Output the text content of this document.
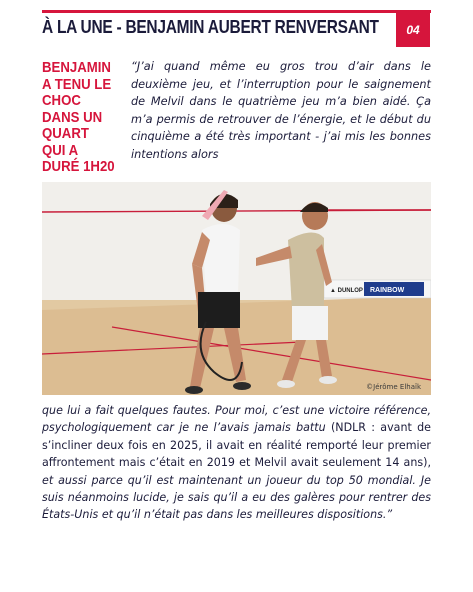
À LA UNE - BENJAMIN AUBERT RENVERSANT	04
BENJAMIN A TENU LE CHOC DANS UN QUART QUI A DURÉ 1H20

“J’ai quand même eu gros trou d’air dans le deuxième jeu, et l’interruption pour le saignement de Melvil dans le quatrième jeu m’a bien aidé. Ça m’a permis de retrouver de l’énergie, et le début du cinquième a été très important - j’ai mis les bonnes intentions alors

▲ DUNLOP RAINBOW
©Jérôme Elhaïk

que lui a fait quelques fautes. Pour moi, c’est une victoire référence, psychologiquement car je ne l’avais jamais battu (NDLR : avant de s’incliner deux fois en 2025, il avait en réalité remporté leur premier affrontement mais c’était en 2019 et Melvil avait seulement 14 ans), et aussi parce qu’il est maintenant un joueur du top 50 mondial. Je suis néanmoins lucide, je sais qu’il a eu des galères pour rentrer des États-Unis et qu’il n’était pas dans les meilleures dispositions.”
